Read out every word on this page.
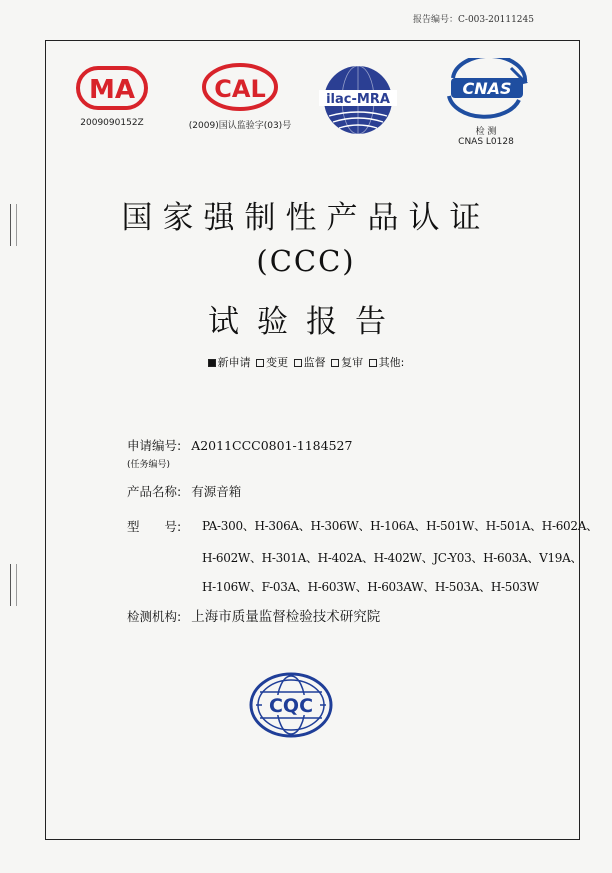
报告编号：C-003-20111245
MA
2009090152Z
CAL
(2009)国认监验字(03)号
ilac-MRA
CNAS
检 测
CNAS L0128
国家强制性产品认证
(CCC)
试验报告
新申请 变更 监督 复审 其他:
申请编号: A2011CCC0801-1184527
(任务编号)
产品名称: 有源音箱
型　　号: PA-300、H-306A、H-306W、H-106A、H-501W、H-501A、H-602A、
H-602W、H-301A、H-402A、H-402W、JC-Y03、H-603A、V19A、
H-106W、F-03A、H-603W、H-603AW、H-503A、H-503W
检测机构: 上海市质量监督检验技术研究院
CQC
